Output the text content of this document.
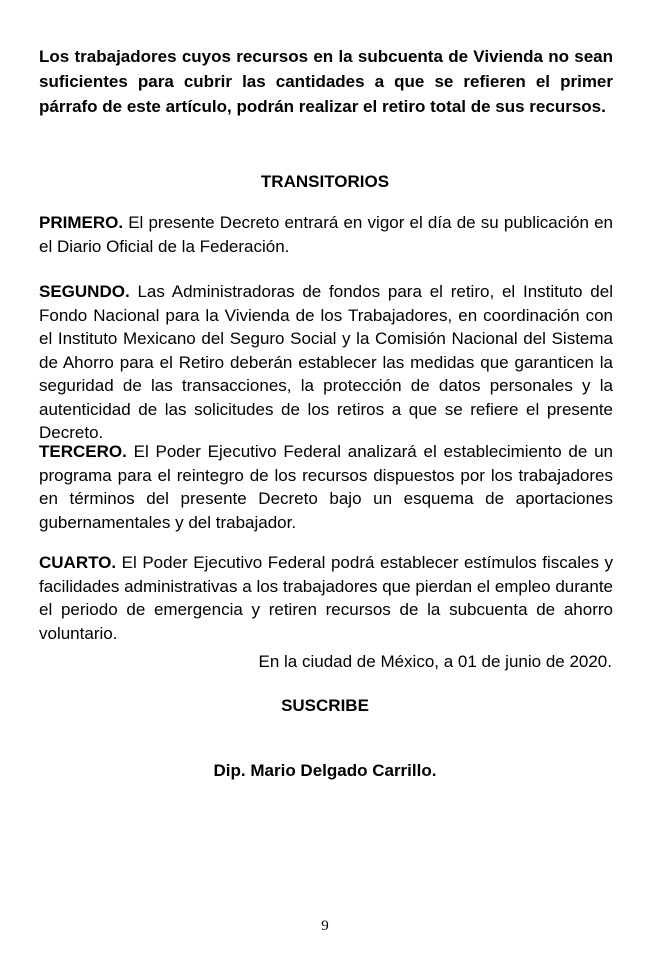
Los trabajadores cuyos recursos en la subcuenta de Vivienda no sean suficientes para cubrir las cantidades a que se refieren el primer párrafo de este artículo, podrán realizar el retiro total de sus recursos.

TRANSITORIOS

PRIMERO. El presente Decreto entrará en vigor el día de su publicación en el Diario Oficial de la Federación.

SEGUNDO. Las Administradoras de fondos para el retiro, el Instituto del Fondo Nacional para la Vivienda de los Trabajadores, en coordinación con el Instituto Mexicano del Seguro Social y la Comisión Nacional del Sistema de Ahorro para el Retiro deberán establecer las medidas que garanticen la seguridad de las transacciones, la protección de datos personales y la autenticidad de las solicitudes de los retiros a que se refiere el presente Decreto.

TERCERO. El Poder Ejecutivo Federal analizará el establecimiento de un programa para el reintegro de los recursos dispuestos por los trabajadores en términos del presente Decreto bajo un esquema de aportaciones gubernamentales y del trabajador.

CUARTO. El Poder Ejecutivo Federal podrá establecer estímulos fiscales y facilidades administrativas a los trabajadores que pierdan el empleo durante el periodo de emergencia y retiren recursos de la subcuenta de ahorro voluntario.

En la ciudad de México, a 01 de junio de 2020.

SUSCRIBE

Dip. Mario Delgado Carrillo.

9
